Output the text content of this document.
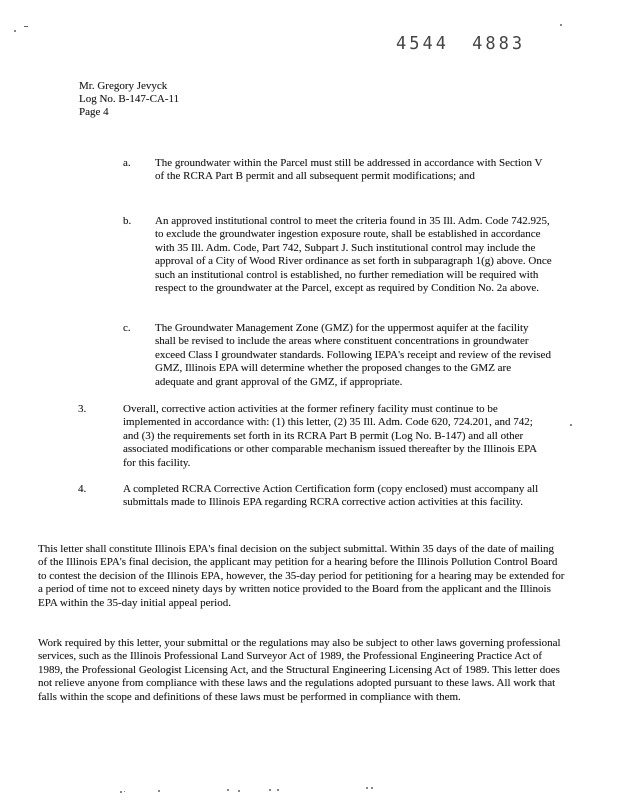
4544 4883
Mr. Gregory Jevyck
Log No. B-147-CA-11
Page 4
a.	The groundwater within the Parcel must still be addressed in accordance with Section V of the RCRA Part B permit and all subsequent permit modifications; and
b.	An approved institutional control to meet the criteria found in 35 Ill. Adm. Code 742.925, to exclude the groundwater ingestion exposure route, shall be established in accordance with 35 Ill. Adm. Code, Part 742, Subpart J. Such institutional control may include the approval of a City of Wood River ordinance as set forth in subparagraph 1(g) above. Once such an institutional control is established, no further remediation will be required with respect to the groundwater at the Parcel, except as required by Condition No. 2a above.
c.	The Groundwater Management Zone (GMZ) for the uppermost aquifer at the facility shall be revised to include the areas where constituent concentrations in groundwater exceed Class I groundwater standards. Following IEPA's receipt and review of the revised GMZ, Illinois EPA will determine whether the proposed changes to the GMZ are adequate and grant approval of the GMZ, if appropriate.
3.	Overall, corrective action activities at the former refinery facility must continue to be implemented in accordance with: (1) this letter, (2) 35 Ill. Adm. Code 620, 724.201, and 742; and (3) the requirements set forth in its RCRA Part B permit (Log No. B-147) and all other associated modifications or other comparable mechanism issued thereafter by the Illinois EPA for this facility.
4.	A completed RCRA Corrective Action Certification form (copy enclosed) must accompany all submittals made to Illinois EPA regarding RCRA corrective action activities at this facility.
This letter shall constitute Illinois EPA's final decision on the subject submittal. Within 35 days of the date of mailing of the Illinois EPA's final decision, the applicant may petition for a hearing before the Illinois Pollution Control Board to contest the decision of the Illinois EPA, however, the 35-day period for petitioning for a hearing may be extended for a period of time not to exceed ninety days by written notice provided to the Board from the applicant and the Illinois EPA within the 35-day initial appeal period.
Work required by this letter, your submittal or the regulations may also be subject to other laws governing professional services, such as the Illinois Professional Land Surveyor Act of 1989, the Professional Engineering Practice Act of 1989, the Professional Geologist Licensing Act, and the Structural Engineering Licensing Act of 1989. This letter does not relieve anyone from compliance with these laws and the regulations adopted pursuant to these laws. All work that falls within the scope and definitions of these laws must be performed in compliance with them.
